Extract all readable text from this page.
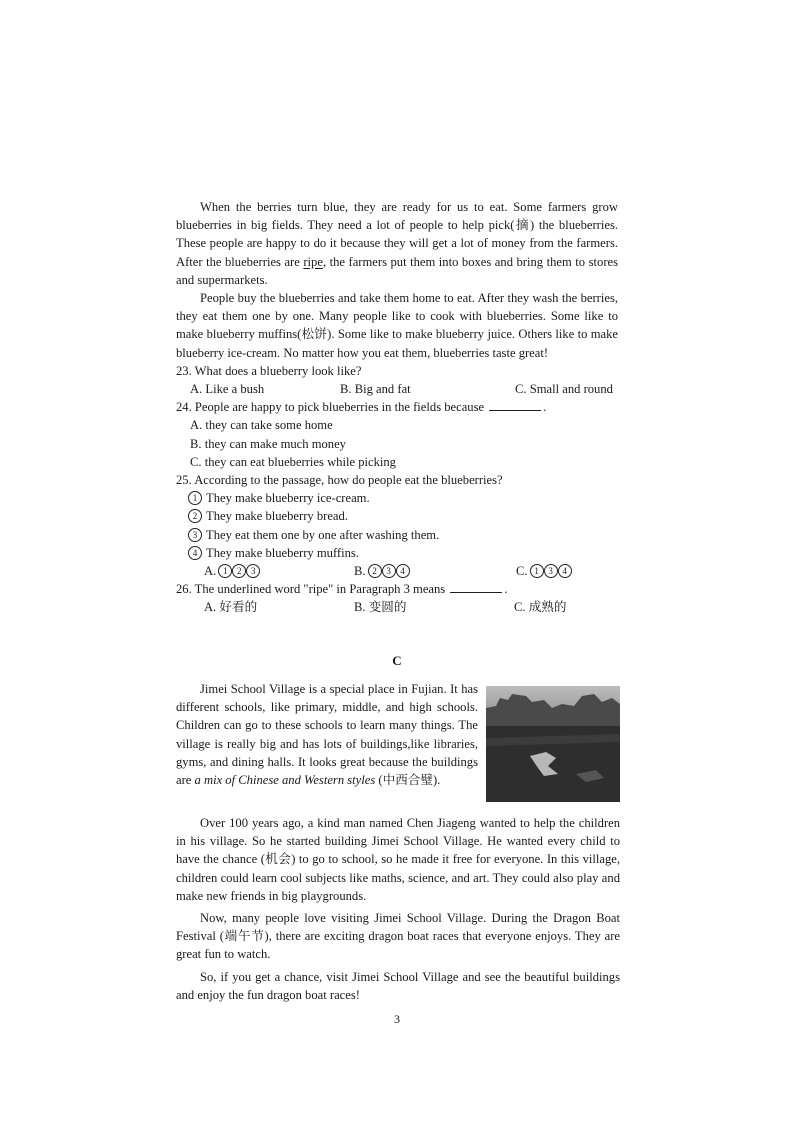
When the berries turn blue, they are ready for us to eat. Some farmers grow blueberries in big fields. They need a lot of people to help pick(摘) the blueberries. These people are happy to do it because they will get a lot of money from the farmers. After the blueberries are ripe, the farmers put them into boxes and bring them to stores and supermarkets.

People buy the blueberries and take them home to eat. After they wash the berries, they eat them one by one. Many people like to cook with blueberries. Some like to make blueberry muffins(松饼). Some like to make blueberry juice. Others like to make blueberry ice-cream. No matter how you eat them, blueberries taste great!

23. What does a blueberry look like?
A. Like a bush	B. Big and fat	C. Small and round
24. People are happy to pick blueberries in the fields because	.
A. they can take some home
B. they can make much money
C. they can eat blueberries while picking
25. According to the passage, how do people eat the blueberries?
1 They make blueberry ice-cream.
2 They make blueberry bread.
3 They eat them one by one after washing them.
4 They make blueberry muffins.
A. 1 2 3	B. 2 3 4	C. 1 3 4
26. The underlined word "ripe" in Paragraph 3 means	.
A. 好看的	B. 变圆的	C. 成熟的
C

Jimei School Village is a special place in Fujian. It has different schools, like primary, middle, and high schools. Children can go to these schools to learn many things. The village is really big and has lots of buildings,like libraries, gyms, and dining halls. It looks great because the buildings are a mix of Chinese and Western styles (中西合璧).

Over 100 years ago, a kind man named Chen Jiageng wanted to help the children in his village. So he started building Jimei School Village. He wanted every child to have the chance (机会) to go to school, so he made it free for everyone. In this village, children could learn cool subjects like maths, science, and art. They could also play and make new friends in big playgrounds.

Now, many people love visiting Jimei School Village. During the Dragon Boat Festival (端午节), there are exciting dragon boat races that everyone enjoys. They are great fun to watch.

So, if you get a chance, visit Jimei School Village and see the beautiful buildings and enjoy the fun dragon boat races!

3
